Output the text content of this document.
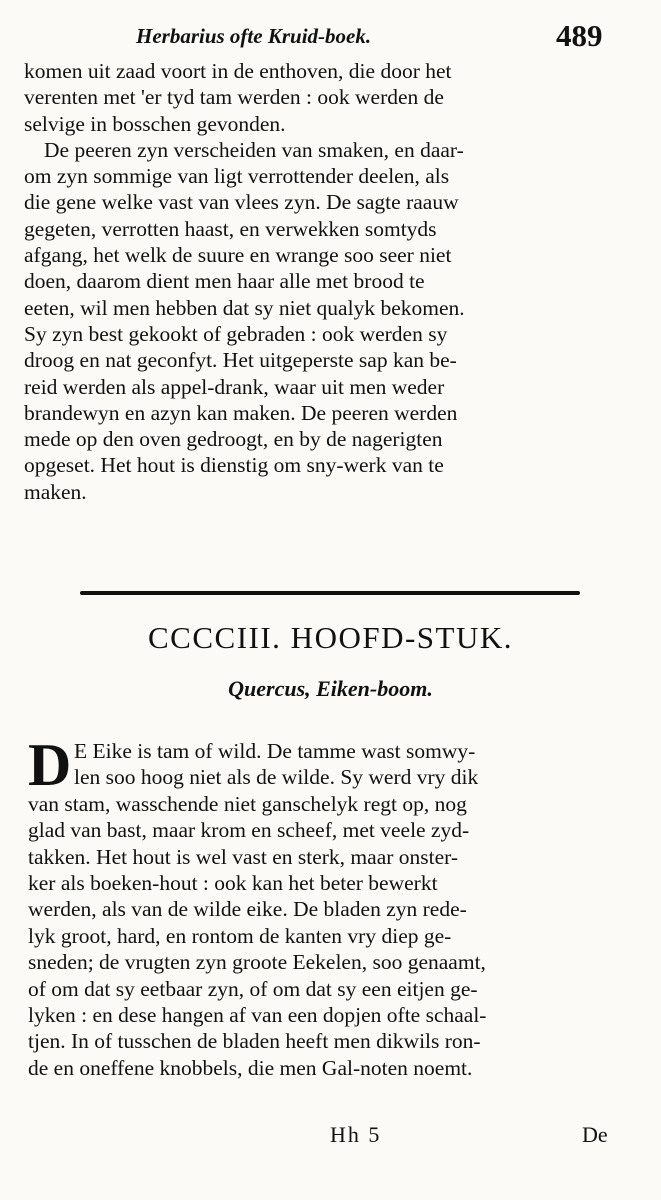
Herbarius ofte Kruid-boek.	489

komen uit zaad voort in de enthoven, die door het
verenten met 'er tyd tam werden : ook werden de
selvige in bosschen gevonden.

De peeren zyn verscheiden van smaken, en daar-
om zyn sommige van ligt verrottender deelen, als
die gene welke vast van vlees zyn. De sagte raauw
gegeten, verrotten haast, en verwekken somtyds
afgang, het welk de suure en wrange soo seer niet
doen, daarom dient men haar alle met brood te
eeten, wil men hebben dat sy niet qualyk bekomen.
Sy zyn best gekookt of gebraden : ook werden sy
droog en nat geconfyt. Het uitgeperste sap kan be-
reid werden als appel-drank, waar uit men weder
brandewyn en azyn kan maken. De peeren werden
mede op den oven gedroogt, en by de nagerigten
opgeset. Het hout is dienstig om sny-werk van te
maken.

CCCCIII. HOOFD-STUK.
Quercus, Eiken-boom.
D E Eike is tam of wild. De tamme wast somwy-
len soo hoog niet als de wilde. Sy werd vry dik
van stam, wasschende niet ganschelyk regt op, nog
glad van bast, maar krom en scheef, met veele zyd-
takken. Het hout is wel vast en sterk, maar onster-
ker als boeken-hout : ook kan het beter bewerkt
werden, als van de wilde eike. De bladen zyn rede-
lyk groot, hard, en rontom de kanten vry diep ge-
sneden; de vrugten zyn groote Eekelen, soo genaamt,
of om dat sy eetbaar zyn, of om dat sy een eitjen ge-
lyken : en dese hangen af van een dopjen ofte schaal-
tjen. In of tusschen de bladen heeft men dikwils ron-
de en oneffene knobbels, die men Gal-noten noemt.
Hh 5	De
